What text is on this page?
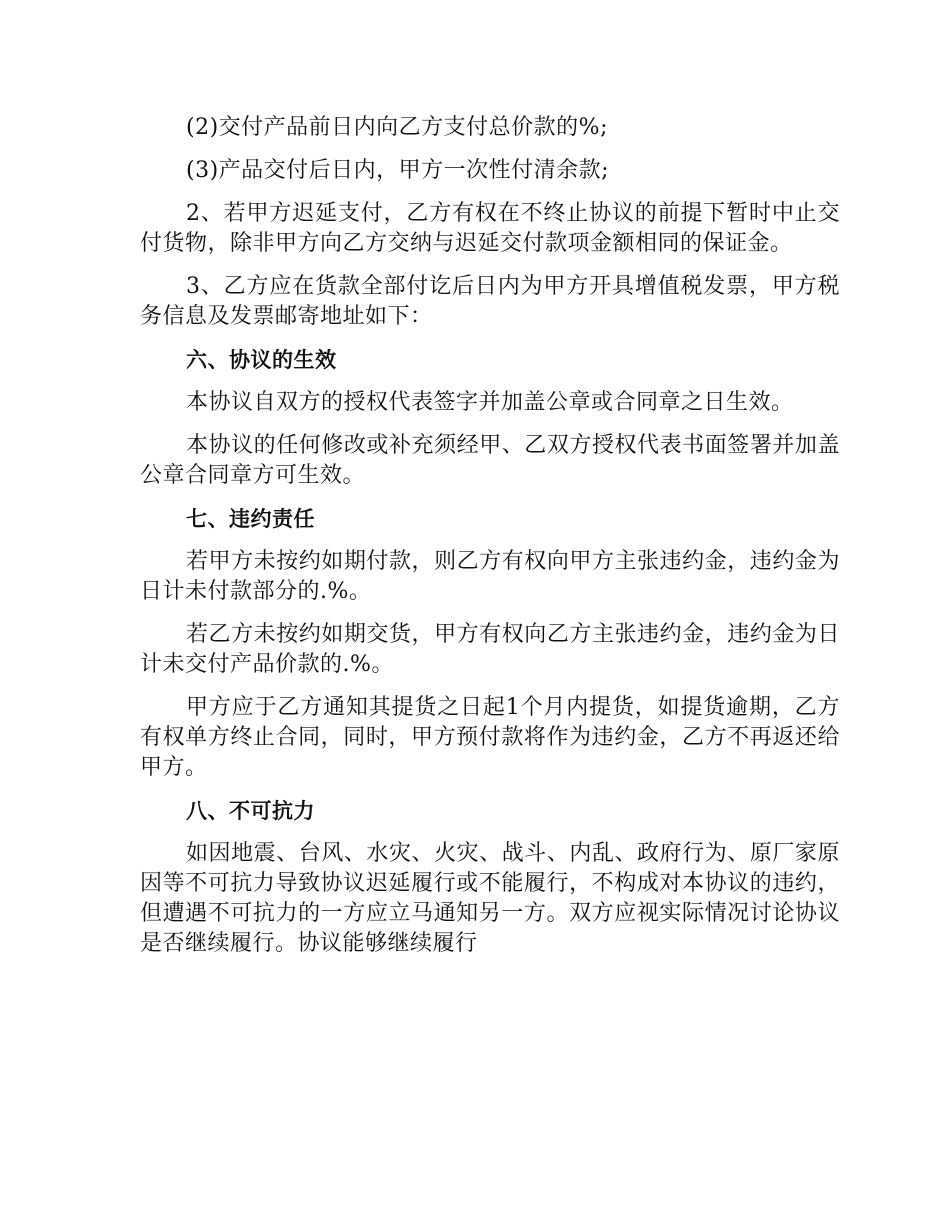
(2)交付产品前日内向乙方支付总价款的%;

(3)产品交付后日内，甲方一次性付清余款;

2、若甲方迟延支付，乙方有权在不终止协议的前提下暂时中止交付货物，除非甲方向乙方交纳与迟延交付款项金额相同的保证金。

3、乙方应在货款全部付讫后日内为甲方开具增值税发票，甲方税务信息及发票邮寄地址如下：

六、协议的生效

本协议自双方的授权代表签字并加盖公章或合同章之日生效。

本协议的任何修改或补充须经甲、乙双方授权代表书面签署并加盖公章合同章方可生效。

七、违约责任

若甲方未按约如期付款，则乙方有权向甲方主张违约金，违约金为日计未付款部分的.%。

若乙方未按约如期交货，甲方有权向乙方主张违约金，违约金为日计未交付产品价款的.%。

甲方应于乙方通知其提货之日起1个月内提货，如提货逾期，乙方有权单方终止合同，同时，甲方预付款将作为违约金，乙方不再返还给甲方。

八、不可抗力

如因地震、台风、水灾、火灾、战斗、内乱、政府行为、原厂家原因等不可抗力导致协议迟延履行或不能履行，不构成对本协议的违约，但遭遇不可抗力的一方应立马通知另一方。双方应视实际情况讨论协议是否继续履行。协议能够继续履行
